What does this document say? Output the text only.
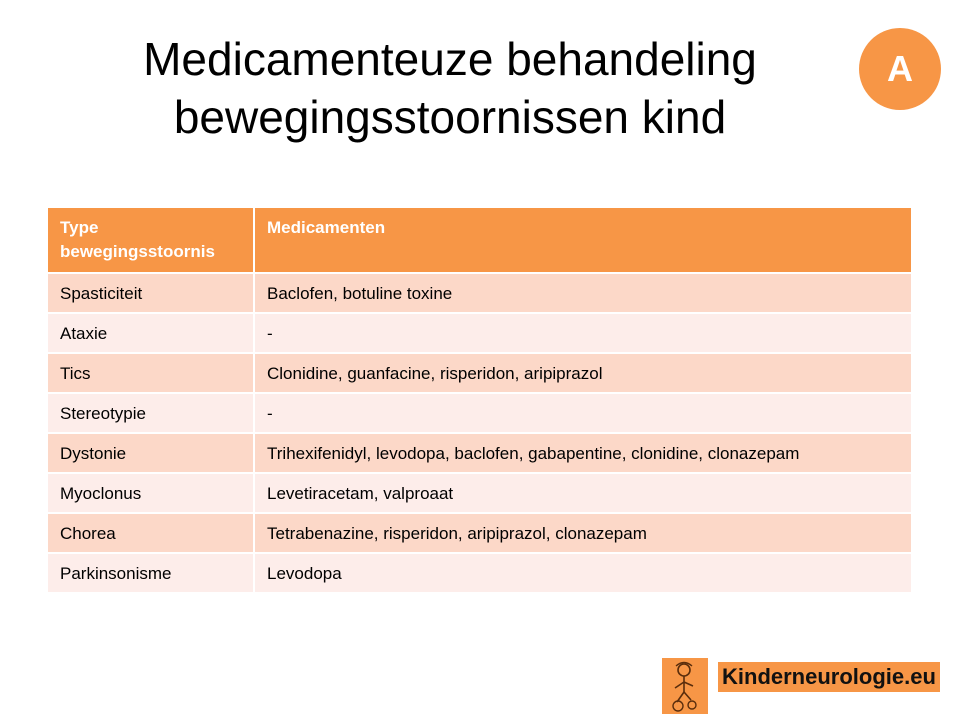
Medicamenteuze behandeling
bewegingsstoornissen kind
A
Type bewegingsstoornis	Medicamenten
Spasticiteit	Baclofen, botuline toxine
Ataxie	-
Tics	Clonidine, guanfacine, risperidon, aripiprazol
Stereotypie	-
Dystonie	Trihexifenidyl, levodopa, baclofen, gabapentine, clonidine, clonazepam
Myoclonus	Levetiracetam, valproaat
Chorea	Tetrabenazine, risperidon, aripiprazol, clonazepam
Parkinsonisme	Levodopa
Kinderneurologie.eu
